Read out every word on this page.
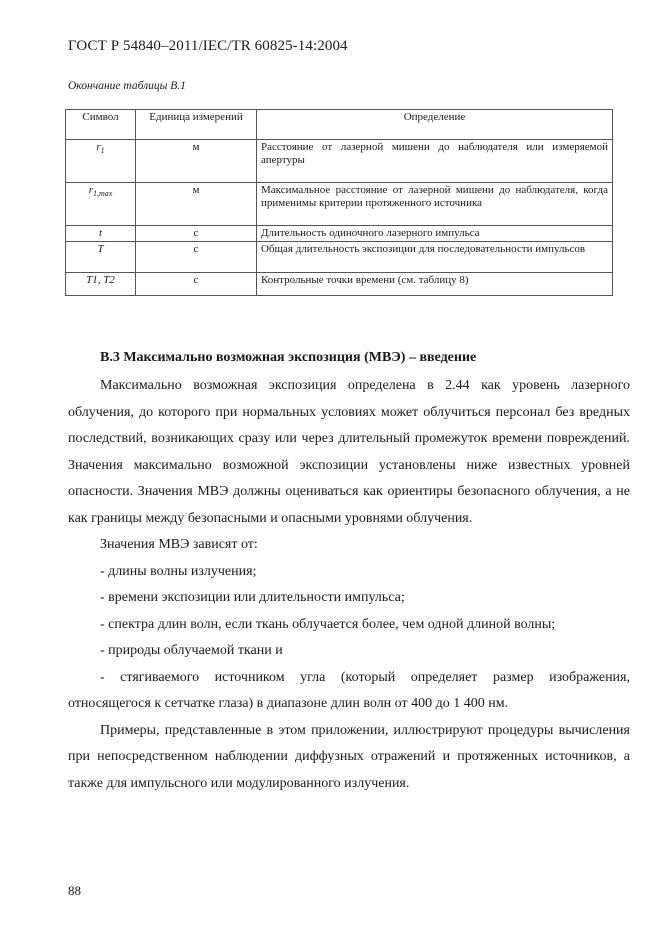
ГОСТ Р 54840–2011/IEC/TR 60825-14:2004
Окончание таблицы В.1
Символ	Единица измерений	Определение
$r_1$	м	Расстояние от лазерной мишени до наблюдателя или измеряемой апертуры
$r_{1,max}$	м	Максимальное расстояние от лазерной мишени до наблюдателя, когда применимы критерии протяженного источника
t	с	Длительность одиночного лазерного импульса
T	с	Общая длительность экспозиции для последовательности импульсов
T1, T2	с	Контрольные точки времени (см. таблицу 8)
В.3 Максимально возможная экспозиция (МВЭ) – введение

Максимально возможная экспозиция определена в 2.44 как уровень лазерного облучения, до которого при нормальных условиях может облучиться персонал без вредных последствий, возникающих сразу или через длительный промежуток времени повреждений. Значения максимально возможной экспозиции установлены ниже известных уровней опасности. Значения МВЭ должны оцениваться как ориентиры безопасного облучения, а не как границы между безопасными и опасными уровнями облучения.

Значения МВЭ зависят от:

- длины волны излучения;

- времени экспозиции или длительности импульса;

- спектра длин волн, если ткань облучается более, чем одной длиной волны;

- природы облучаемой ткани и

- стягиваемого источником угла (который определяет размер изображения, относящегося к сетчатке глаза) в диапазоне длин волн от 400 до 1 400 нм.

Примеры, представленные в этом приложении, иллюстрируют процедуры вычисления при непосредственном наблюдении диффузных отражений и протяженных источников, а также для импульсного или модулированного излучения.

88
